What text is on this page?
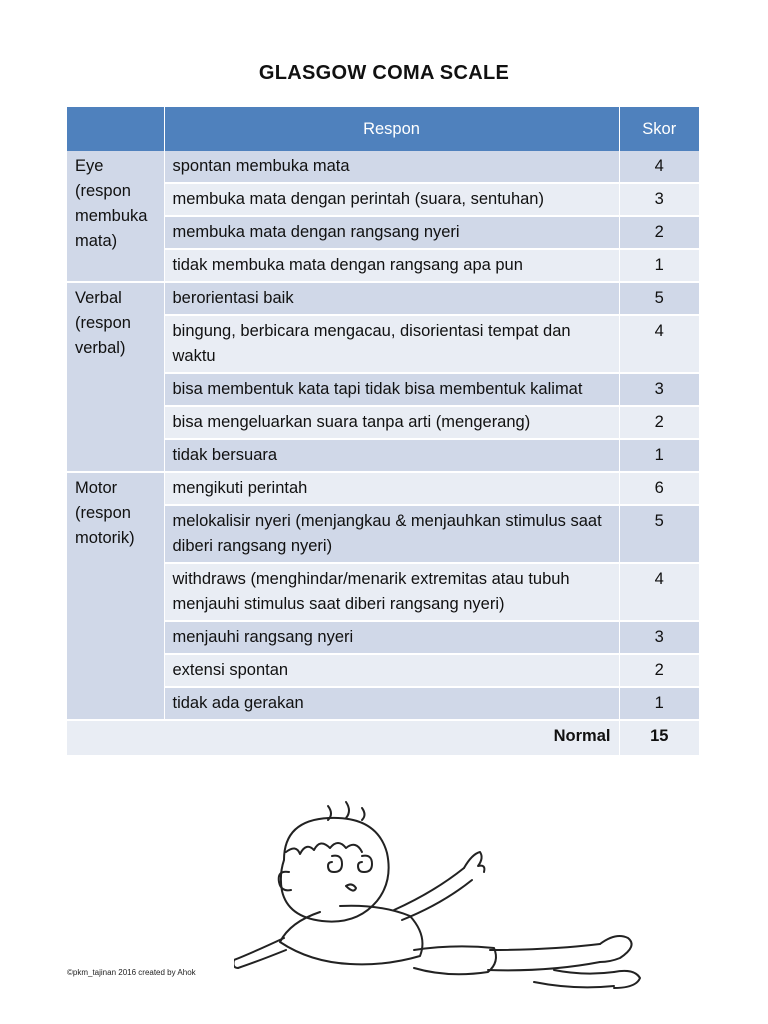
GLASGOW COMA SCALE
	Respon	Skor
Eye (respon membuka mata)	spontan membuka mata	4
	membuka mata dengan perintah (suara, sentuhan)	3
	membuka mata dengan rangsang nyeri	2
	tidak membuka mata dengan rangsang apa pun	1
Verbal (respon verbal)	berorientasi baik	5
	bingung, berbicara mengacau, disorientasi tempat dan waktu	4
	bisa membentuk kata tapi tidak bisa membentuk kalimat	3
	bisa mengeluarkan suara tanpa arti (mengerang)	2
	tidak bersuara	1
Motor (respon motorik)	mengikuti perintah	6
	melokalisir nyeri (menjangkau & menjauhkan stimulus saat diberi rangsang nyeri)	5
	withdraws (menghindar/menarik extremitas atau tubuh menjauhi stimulus saat diberi rangsang nyeri)	4
	menjauhi rangsang nyeri	3
	extensi spontan	2
	tidak ada gerakan	1
Normal		15
©pkm_tajinan 2016 created by Ahok
